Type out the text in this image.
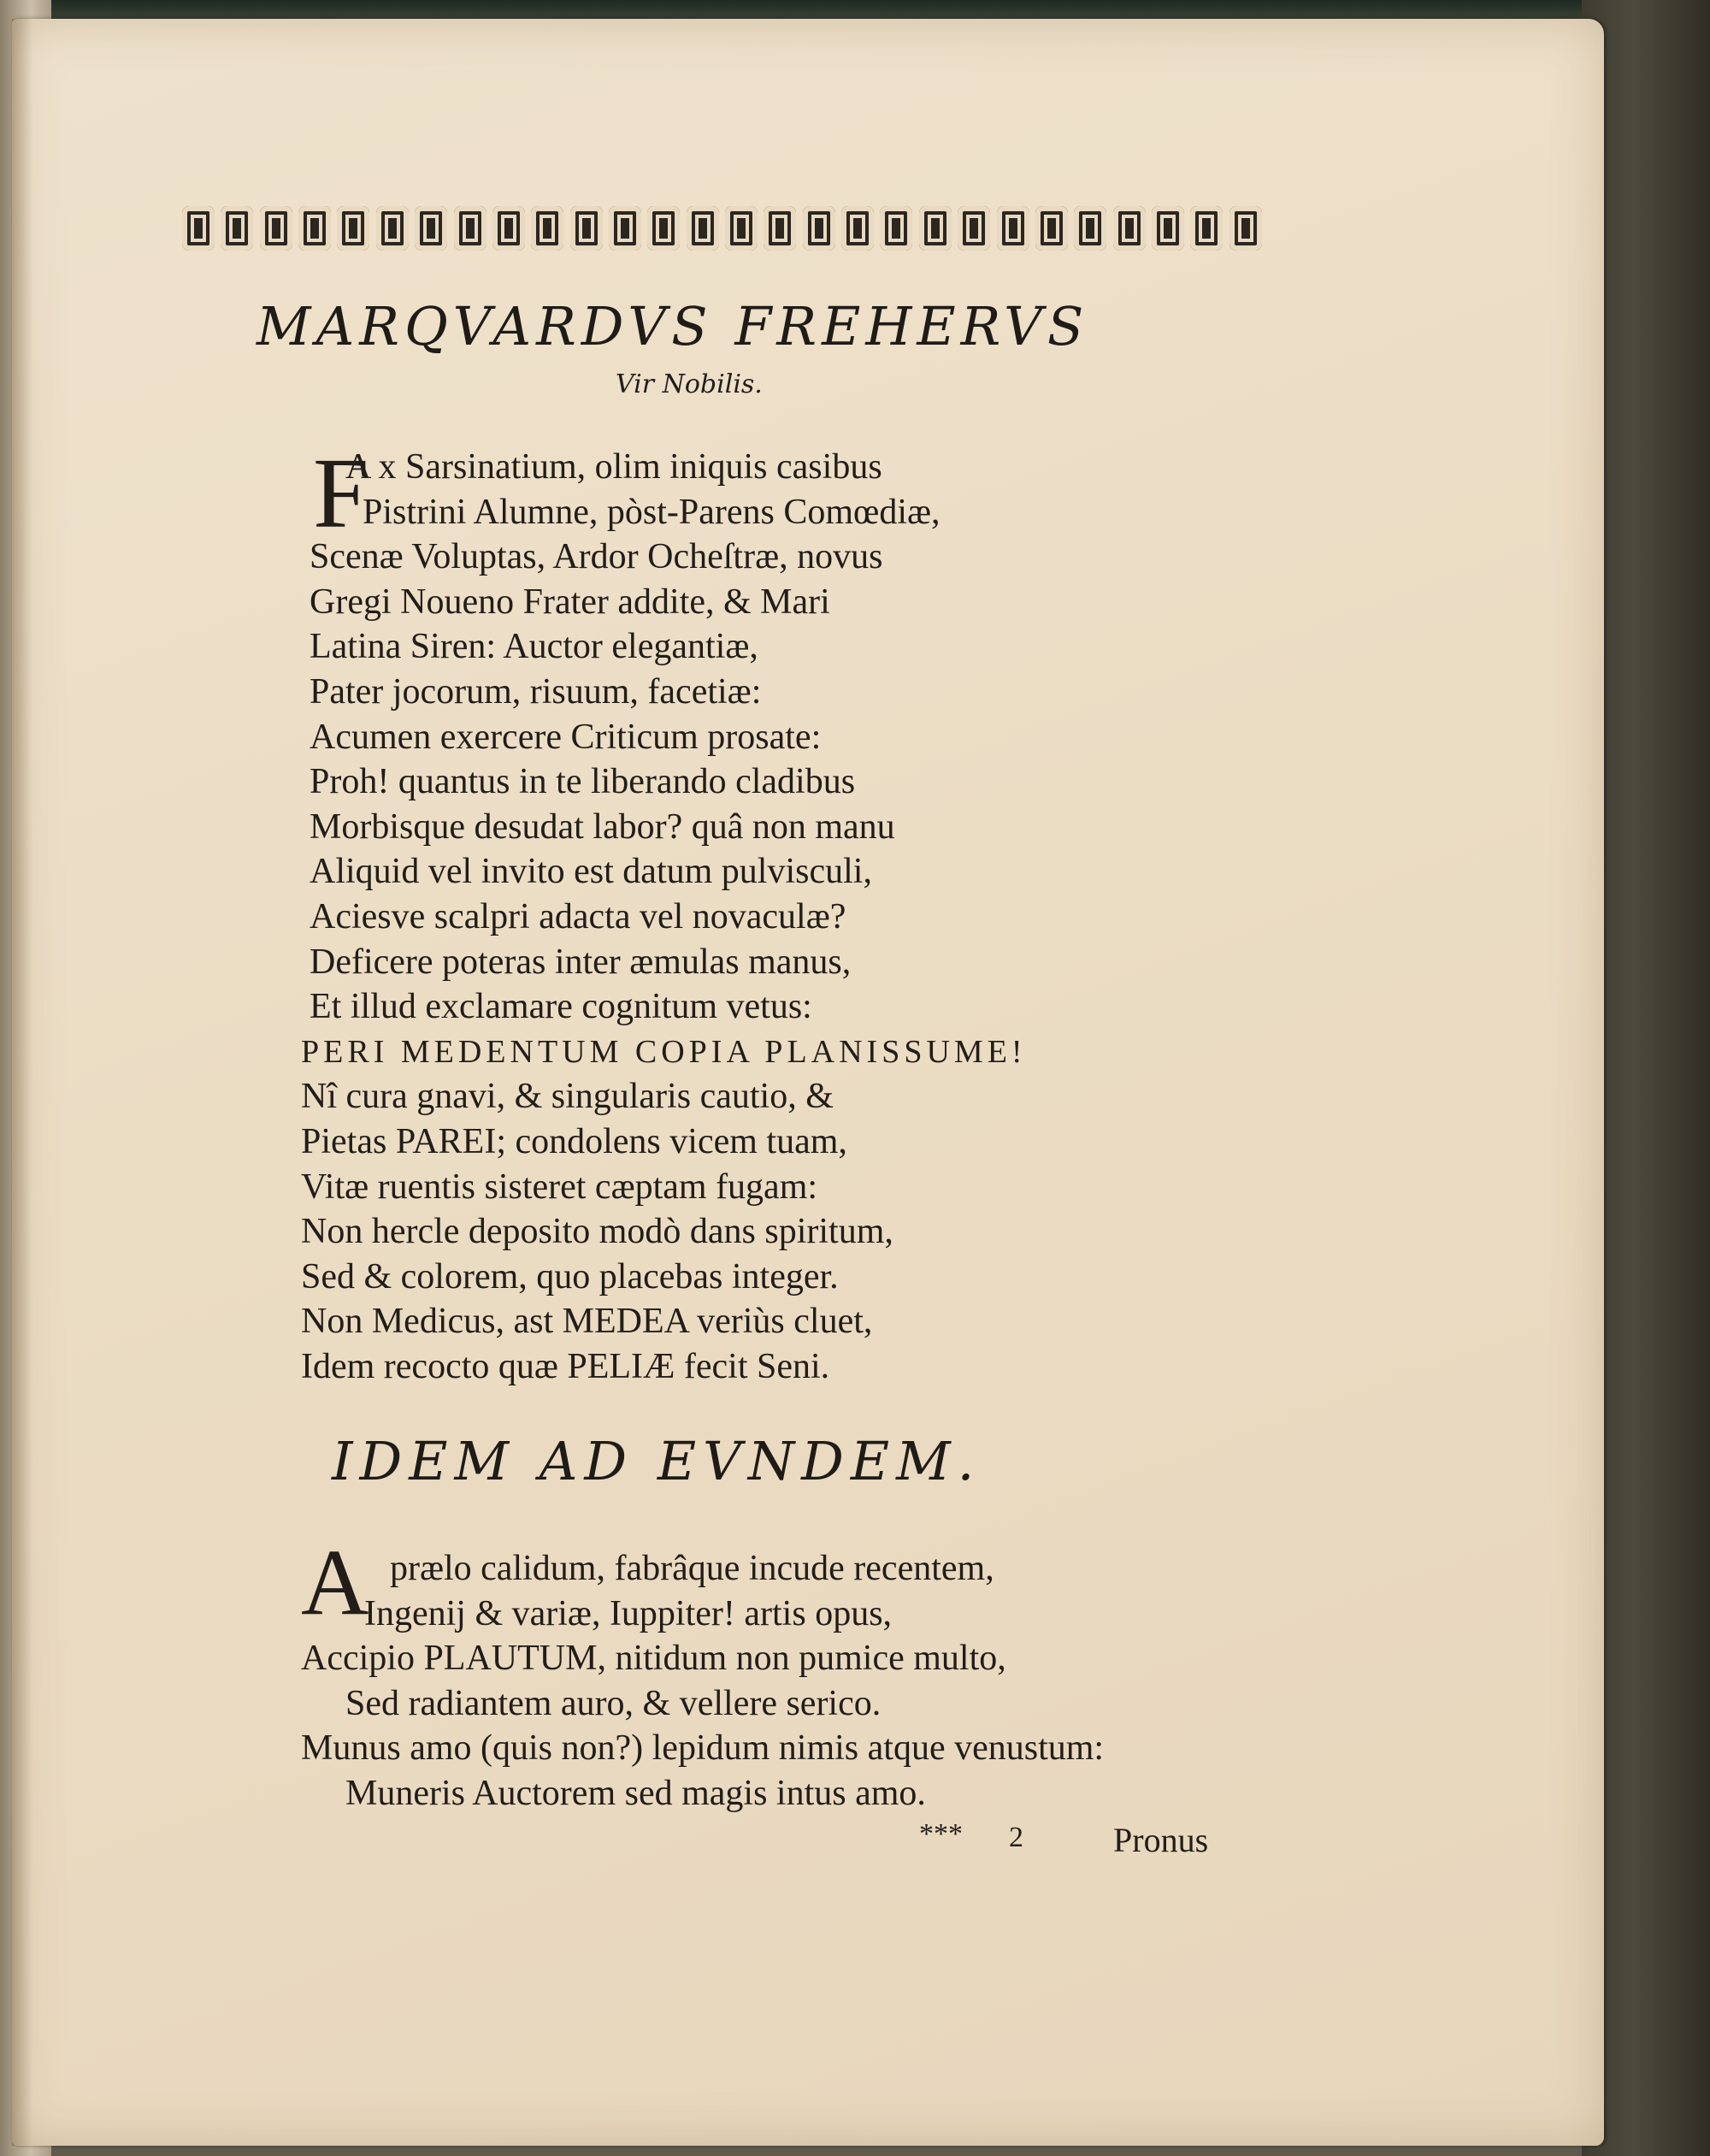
MARQVARDVS FREHERVS
Vir Nobilis.
F
A x Sarsinatium, olim iniquis casibus
Pistrini Alumne, pòst-Parens Comœdiæ,
Scenæ Voluptas, Ardor Ocheſtræ, novus
Gregi Noueno Frater addite, & Mari
Latina Siren: Auctor elegantiæ,
Pater jocorum, risuum, facetiæ:
Acumen exercere Criticum prosate:
Proh! quantus in te liberando cladibus
Morbisque desudat labor? quâ non manu
Aliquid vel invito est datum pulvisculi,
Aciesve scalpri adacta vel novaculæ?
Deficere poteras inter æmulas manus,
Et illud exclamare cognitum vetus:
PERI MEDENTUM COPIA PLANISSUME!
Nî cura gnavi, & singularis cautio, &
Pietas PAREI; condolens vicem tuam,
Vitæ ruentis sisteret cæptam fugam:
Non hercle deposito modò dans spiritum,
Sed & colorem, quo placebas integer.
Non Medicus, ast MEDEA veriùs cluet,
Idem recocto quæ PELIÆ fecit Seni.
IDEM AD EVNDEM.
A prælo calidum, fabrâque incude recentem,
Ingenij & variæ, Iuppiter! artis opus,
Accipio PLAUTUM, nitidum non pumice multo,
Sed radiantem auro, & vellere serico.
Munus amo (quis non?) lepidum nimis atque venustum:
Muneris Auctorem sed magis intus amo.
*** 2	Pronus
